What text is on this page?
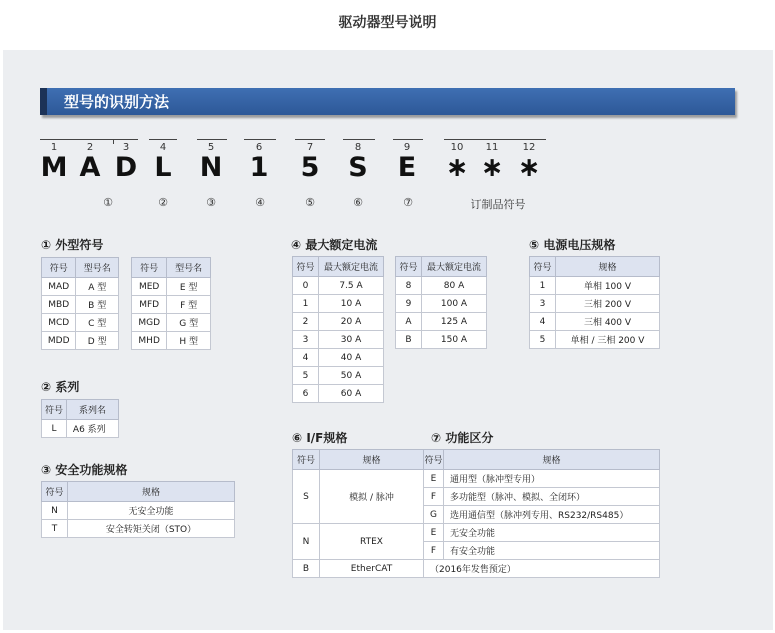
驱动器型号说明
型号的识别方法
1	2	3	4	5	6	7	8	9	10	11	12
M A D L N 1 5 S E ∗ ∗ ∗
①	②	③	④	⑤	⑥	⑦	订制品符号
① 外型符号
符号	型号名
MAD	A 型
MBD	B 型
MCD	C 型
MDD	D 型
符号	型号名
MED	E 型
MFD	F 型
MGD	G 型
MHD	H 型
② 系列
符号	系列名
L	A6 系列
③ 安全功能规格
符号	规格
N	无安全功能
T	安全转矩关闭（STO）
④ 最大额定电流
符号	最大额定电流
0	7.5 A
1	10 A
2	20 A
3	30 A
4	40 A
5	50 A
6	60 A
符号	最大额定电流
8	80 A
9	100 A
A	125 A
B	150 A
⑤ 电源电压规格
符号	规格
1	单相 100 V
3	三相 200 V
4	三相 400 V
5	单相 / 三相 200 V
⑥ I/F规格	⑦ 功能区分
符号	规格	符号	规格
S	模拟 / 脉冲	E	通用型（脉冲型专用）
		F	多功能型（脉冲、模拟、全闭环）
		G	选用通信型（脉冲列专用、RS232/RS485）
N	RTEX	E	无安全功能
		F	有安全功能
B	EtherCAT	（2016年发售预定）	
